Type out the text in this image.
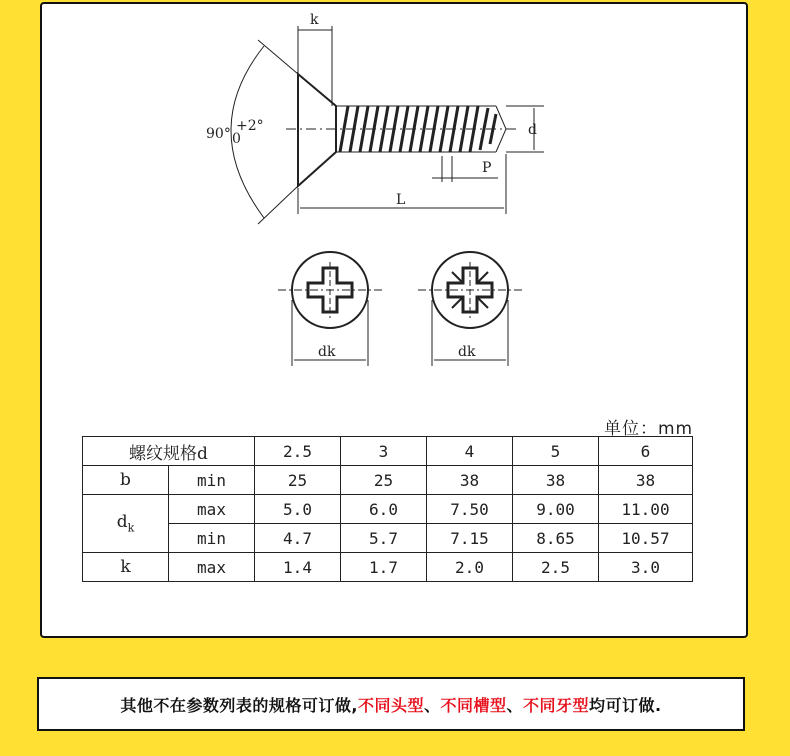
k
90° +2°
0
d
P
L
dk	dk
单位：mm
螺纹规格d		2.5	3	4	5	6
b	min	25	25	38	38	38
$d_k$	max	5.0	6.0	7.50	9.00	11.00
	min	4.7	5.7	7.15	8.65	10.57
k	max	1.4	1.7	2.0	2.5	3.0
其他不在参数列表的规格可订做, 不同头型 、 不同槽型 、 不同牙型 均可订做.
